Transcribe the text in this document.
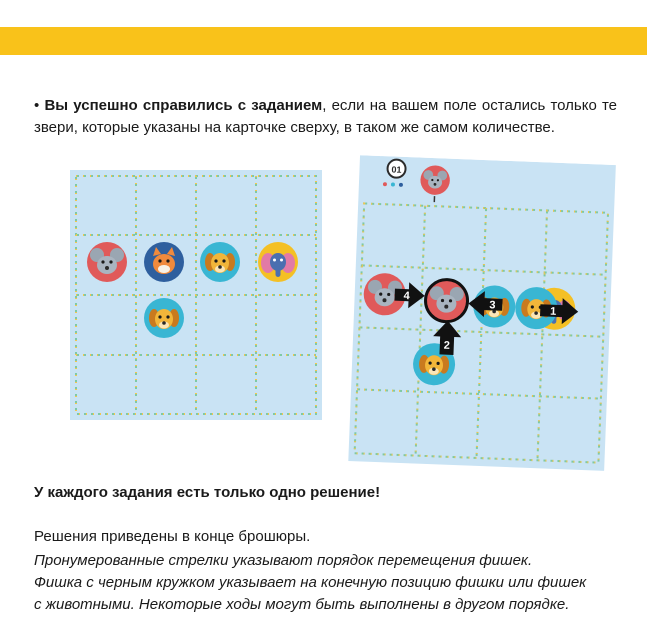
• Вы успешно справились с заданием, если на вашем поле остались только те звери, которые указаны на карточке сверху, в таком же самом количестве.

01
1
2
3
4
У каждого задания есть только одно решение!
Решения приведены в конце брошюры.
Пронумерованные стрелки указывают порядок перемещения фишек.
Фишка с черным кружком указывает на конечную позицию фишки или фишек
с животными. Некоторые ходы могут быть выполнены в другом порядке.
